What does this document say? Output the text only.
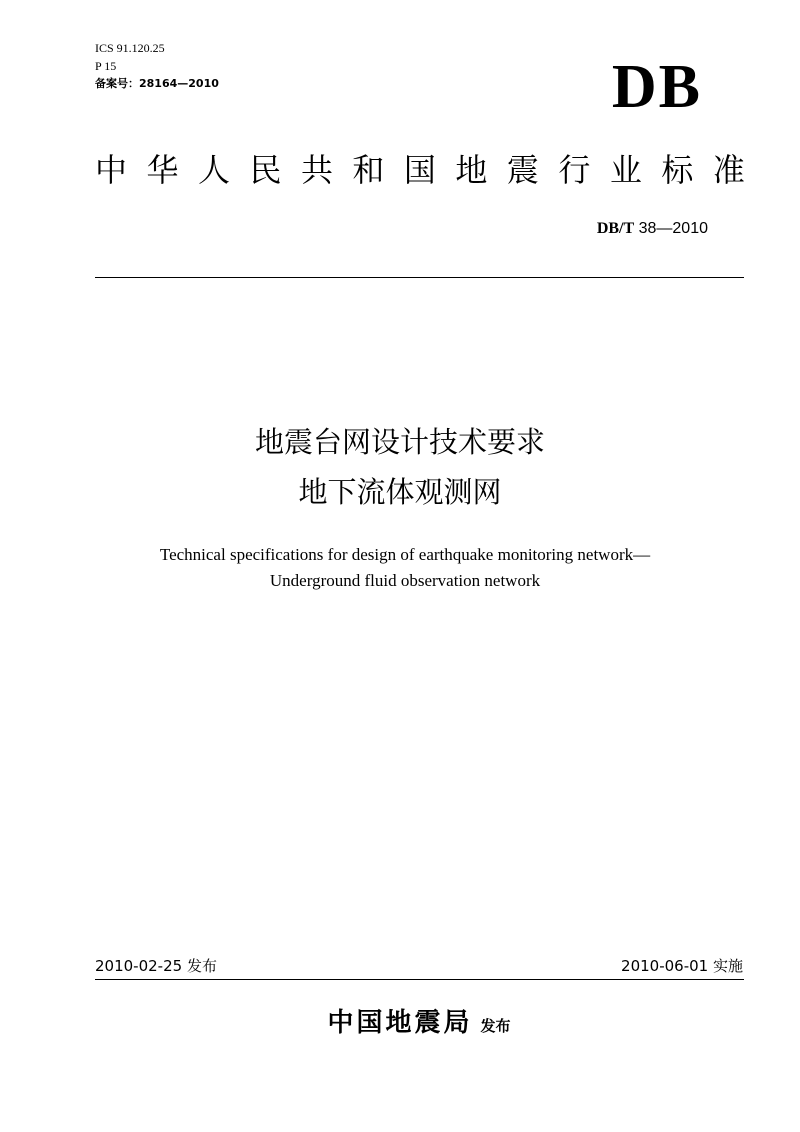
ICS 91.120.25
P 15
备案号：28164—2010	DB
中 华 人 民 共 和 国 地 震 行 业 标 准
DB/T 38—2010
地震台网设计技术要求
地下流体观测网
Technical specifications for design of earthquake monitoring network—
Underground fluid observation network
2010-02-25 发布	2010-06-01 实施
中国地震局 发布
